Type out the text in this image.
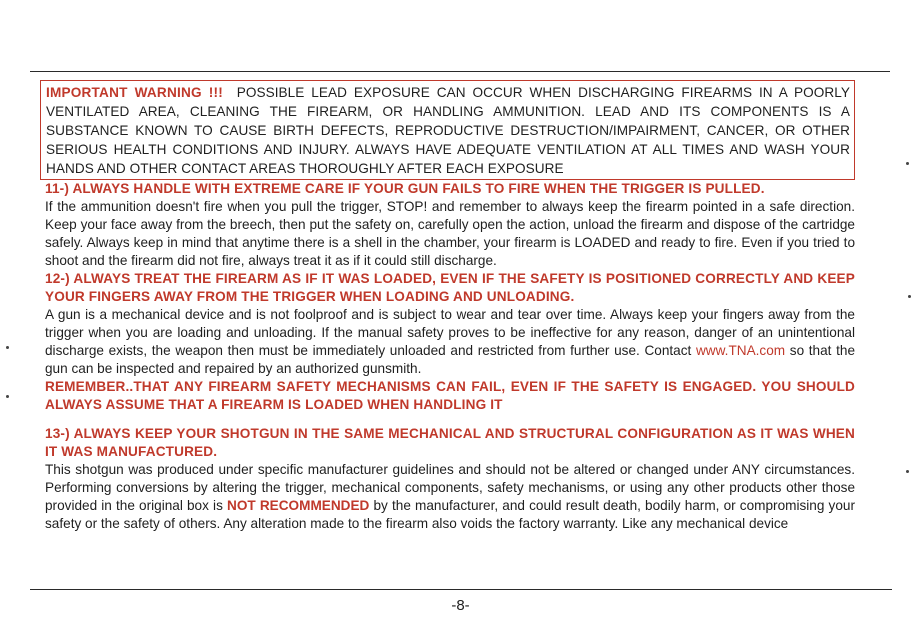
IMPORTANT WARNING !!! POSSIBLE LEAD EXPOSURE CAN OCCUR WHEN DISCHARGING FIREARMS IN A POORLY VENTILATED AREA, CLEANING THE FIREARM, OR HANDLING AMMUNITION. LEAD AND ITS COMPONENTS IS A SUBSTANCE KNOWN TO CAUSE BIRTH DEFECTS, REPRODUCTIVE DESTRUCTION/IMPAIRMENT, CANCER, OR OTHER SERIOUS HEALTH CONDITIONS AND INJURY. ALWAYS HAVE ADEQUATE VENTILATION AT ALL TIMES AND WASH YOUR HANDS AND OTHER CONTACT AREAS THOROUGHLY AFTER EACH EXPOSURE

11-) ALWAYS HANDLE WITH EXTREME CARE IF YOUR GUN FAILS TO FIRE WHEN THE TRIGGER IS PULLED.
If the ammunition doesn't fire when you pull the trigger, STOP! and remember to always keep the firearm pointed in a safe direction. Keep your face away from the breech, then put the safety on, carefully open the action, unload the firearm and dispose of the cartridge safely. Always keep in mind that anytime there is a shell in the chamber, your firearm is LOADED and ready to fire. Even if you tried to shoot and the firearm did not fire, always treat it as if it could still discharge.

12-) ALWAYS TREAT THE FIREARM AS IF IT WAS LOADED, EVEN IF THE SAFETY IS POSITIONED CORRECTLY AND KEEP YOUR FINGERS AWAY FROM THE TRIGGER WHEN LOADING AND UNLOADING.
A gun is a mechanical device and is not foolproof and is subject to wear and tear over time. Always keep your fingers away from the trigger when you are loading and unloading. If the manual safety proves to be ineffective for any reason, danger of an unintentional discharge exists, the weapon then must be immediately unloaded and restricted from further use. Contact www.TNA.com so that the gun can be inspected and repaired by an authorized gunsmith.
REMEMBER..THAT ANY FIREARM SAFETY MECHANISMS CAN FAIL, EVEN IF THE SAFETY IS ENGAGED. YOU SHOULD ALWAYS ASSUME THAT A FIREARM IS LOADED WHEN HANDLING IT

13-) ALWAYS KEEP YOUR SHOTGUN IN THE SAME MECHANICAL AND STRUCTURAL CONFIGURATION AS IT WAS WHEN IT WAS MANUFACTURED.
This shotgun was produced under specific manufacturer guidelines and should not be altered or changed under ANY circumstances. Performing conversions by altering the trigger, mechanical components, safety mechanisms, or using any other products other those provided in the original box is NOT RECOMMENDED by the manufacturer, and could result death, bodily harm, or compromising your safety or the safety of others. Any alteration made to the firearm also voids the factory warranty. Like any mechanical device

-8-
